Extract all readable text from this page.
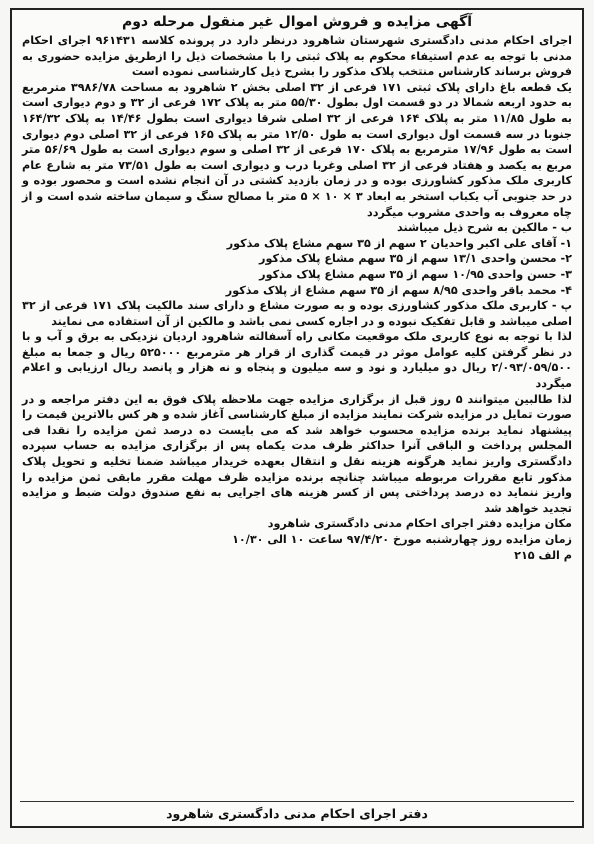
آگهی مزایده و فروش اموال غیر منقول مرحله دوم

اجرای احکام مدنی دادگستری شهرستان شاهرود درنظر دارد در پرونده کلاسه ۹۶۱۴۳۱ اجرای احکام مدنی با توجه به عدم استیفاء محکوم به پلاک ثبتی را با مشخصات ذیل را ازطریق مزایده حضوری به فروش برساند کارشناس منتخب پلاک مذکور را بشرح ذیل کارشناسی نموده است

یک قطعه باغ دارای پلاک ثبتی ۱۷۱ فرعی از ۳۲ اصلی بخش ۲ شاهرود به مساحت ۳۹۸۶/۷۸ مترمربع به حدود اربعه شمالا در دو قسمت اول بطول ۵۵/۳۰ متر به پلاک ۱۷۲ فرعی از ۳۲ و دوم دیواری است به طول ۱۱/۸۵ متر به پلاک ۱۶۴ فرعی از ۳۲ اصلی شرقا دیواری است بطول ۱۴/۴۶ به پلاک ۱۶۴/۳۲ جنوبا در سه قسمت اول دیواری است به طول ۱۲/۵۰ متر به پلاک ۱۶۵ فرعی از ۳۲ اصلی دوم دیواری است به طول ۱۷/۹۶ مترمربع به پلاک ۱۷۰ فرعی از ۳۲ اصلی و سوم دیواری است به طول ۵۶/۶۹ متر مربع به یکصد و هفتاد فرعی از ۳۲ اصلی وغربا درب و دیواری است به طول ۷۳/۵۱ متر به شارع عام کاربری ملک مذکور کشاورزی بوده و در زمان بازدید کشتی در آن انجام نشده است و محصور بوده و در حد جنوبی آب یکباب استخر به ابعاد ۳ × ۱۰ × ۵ متر با مصالح سنگ و سیمان ساخته شده است و از چاه معروف به واحدی مشروب میگردد

ب - مالکین به شرح ذیل میباشند

۱- آقای علی اکبر واحدیان ۲ سهم از ۳۵ سهم مشاع پلاک مذکور
۲- محسن واحدی ۱۳/۱ سهم از ۳۵ سهم مشاع پلاک مذکور
۳- حسن واحدی ۱۰/۹۵ سهم از ۳۵ سهم مشاع پلاک مذکور
۴- محمد باقر واحدی ۸/۹۵ سهم از ۳۵ سهم مشاع از پلاک مذکور

پ - کاربری ملک مذکور کشاورزی بوده و به صورت مشاع و دارای سند مالکیت پلاک ۱۷۱ فرعی از ۳۲ اصلی میباشد و قابل تفکیک نبوده و در اجاره کسی نمی باشد و مالکین از آن استفاده می نمایند

لذا با توجه به نوع کاربری ملک موقعیت مکانی راه آسفالته شاهرود اردیان نزدیکی به برق و آب و با در نظر گرفتن کلیه عوامل موثر در قیمت گذاری از قرار هر مترمربع ۵۲۵۰۰۰ ریال و جمعا به مبلغ ۲/۰۹۳/۰۵۹/۵۰۰ ریال دو میلیارد و نود و سه میلیون و پنجاه و نه هزار و پانصد ریال ارزیابی و اعلام میگردد

لذا طالبین میتوانند ۵ روز قبل از برگزاری مزایده جهت ملاحظه پلاک فوق به این دفتر مراجعه و در صورت تمایل در مزایده شرکت نمایند مزایده از مبلغ کارشناسی آغاز شده و هر کس بالاترین قیمت را پیشنهاد نماید برنده مزایده محسوب خواهد شد که می بایست ده درصد ثمن مزایده را نقدا فی المجلس پرداخت و الباقی آنرا حداکثر ظرف مدت یکماه پس از برگزاری مزایده به حساب سپرده دادگستری واریز نماید هرگونه هزینه نقل و انتقال بعهده خریدار میباشد ضمنا تخلیه و تحویل پلاک مذکور تابع مقررات مربوطه میباشد چنانچه برنده مزایده ظرف مهلت مقرر مابقی ثمن مزایده را واریز ننماید ده درصد پرداختی پس از کسر هزینه های اجرایی به نفع صندوق دولت ضبط و مزایده تجدید خواهد شد

مکان مزایده دفتر اجرای احکام مدنی دادگستری شاهرود

زمان مزایده روز چهارشنبه مورخ ۹۷/۴/۲۰ ساعت ۱۰ الی ۱۰/۳۰

م الف ۲۱۵

دفتر اجرای احکام مدنی دادگستری شاهرود
